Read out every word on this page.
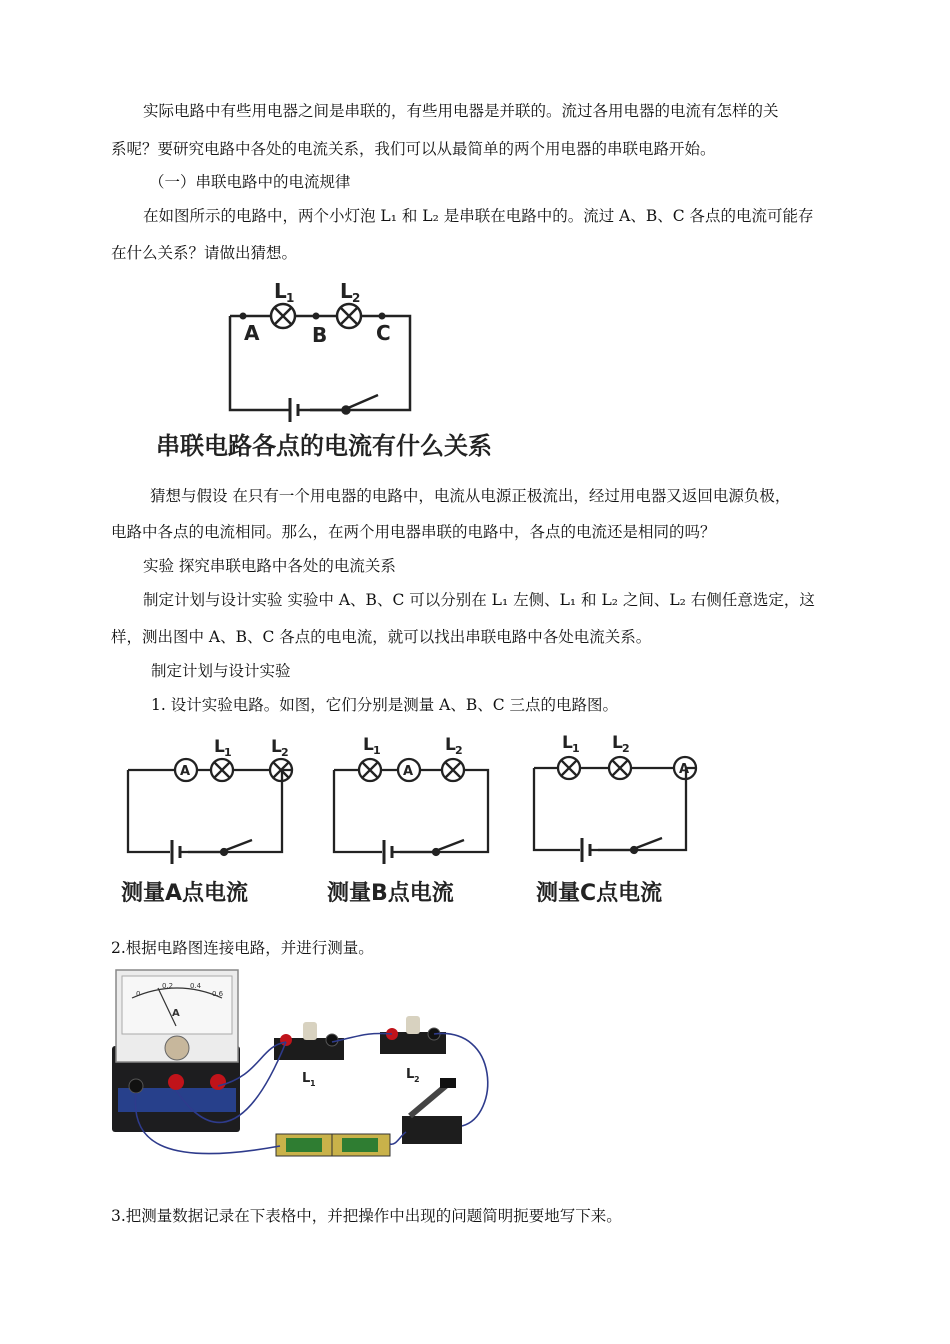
实际电路中有些用电器之间是串联的，有些用电器是并联的。流过各用电器的电流有怎样的关
系呢？要研究电路中各处的电流关系，我们可以从最简单的两个用电器的串联电路开始。
（一）串联电路中的电流规律
在如图所示的电路中，两个小灯泡 L₁ 和 L₂ 是串联在电路中的。流过 A、B、C 各点的电流可能存
在什么关系？请做出猜想。
L 1 L 2
A	B C
串联电路各点的电流有什么关系
猜想与假设 在只有一个用电器的电路中，电流从电源正极流出，经过用电器又返回电源负极，
电路中各点的电流相同。那么，在两个用电器串联的电路中，各点的电流还是相同的吗？
实验 探究串联电路中各处的电流关系
制定计划与设计实验 实验中 A、B、C 可以分别在 L₁ 左侧、L₁ 和 L₂ 之间、L₂ 右侧任意选定，这
样，测出图中 A、B、C 各点的电电流，就可以找出串联电路中各处电流关系。
制定计划与设计实验
1. 设计实验电路。如图，它们分别是测量 A、B、C 三点的电路图。
A
L 1 L 2
A
L 1	L 2
A
L 1 L 2
测量A点电流	测量B点电流	测量C点电流
2.根据电路图连接电路，并进行测量。
0
0.2 0.4
0.6
A
L 1
L 2
3.把测量数据记录在下表格中，并把操作中出现的问题简明扼要地写下来。
